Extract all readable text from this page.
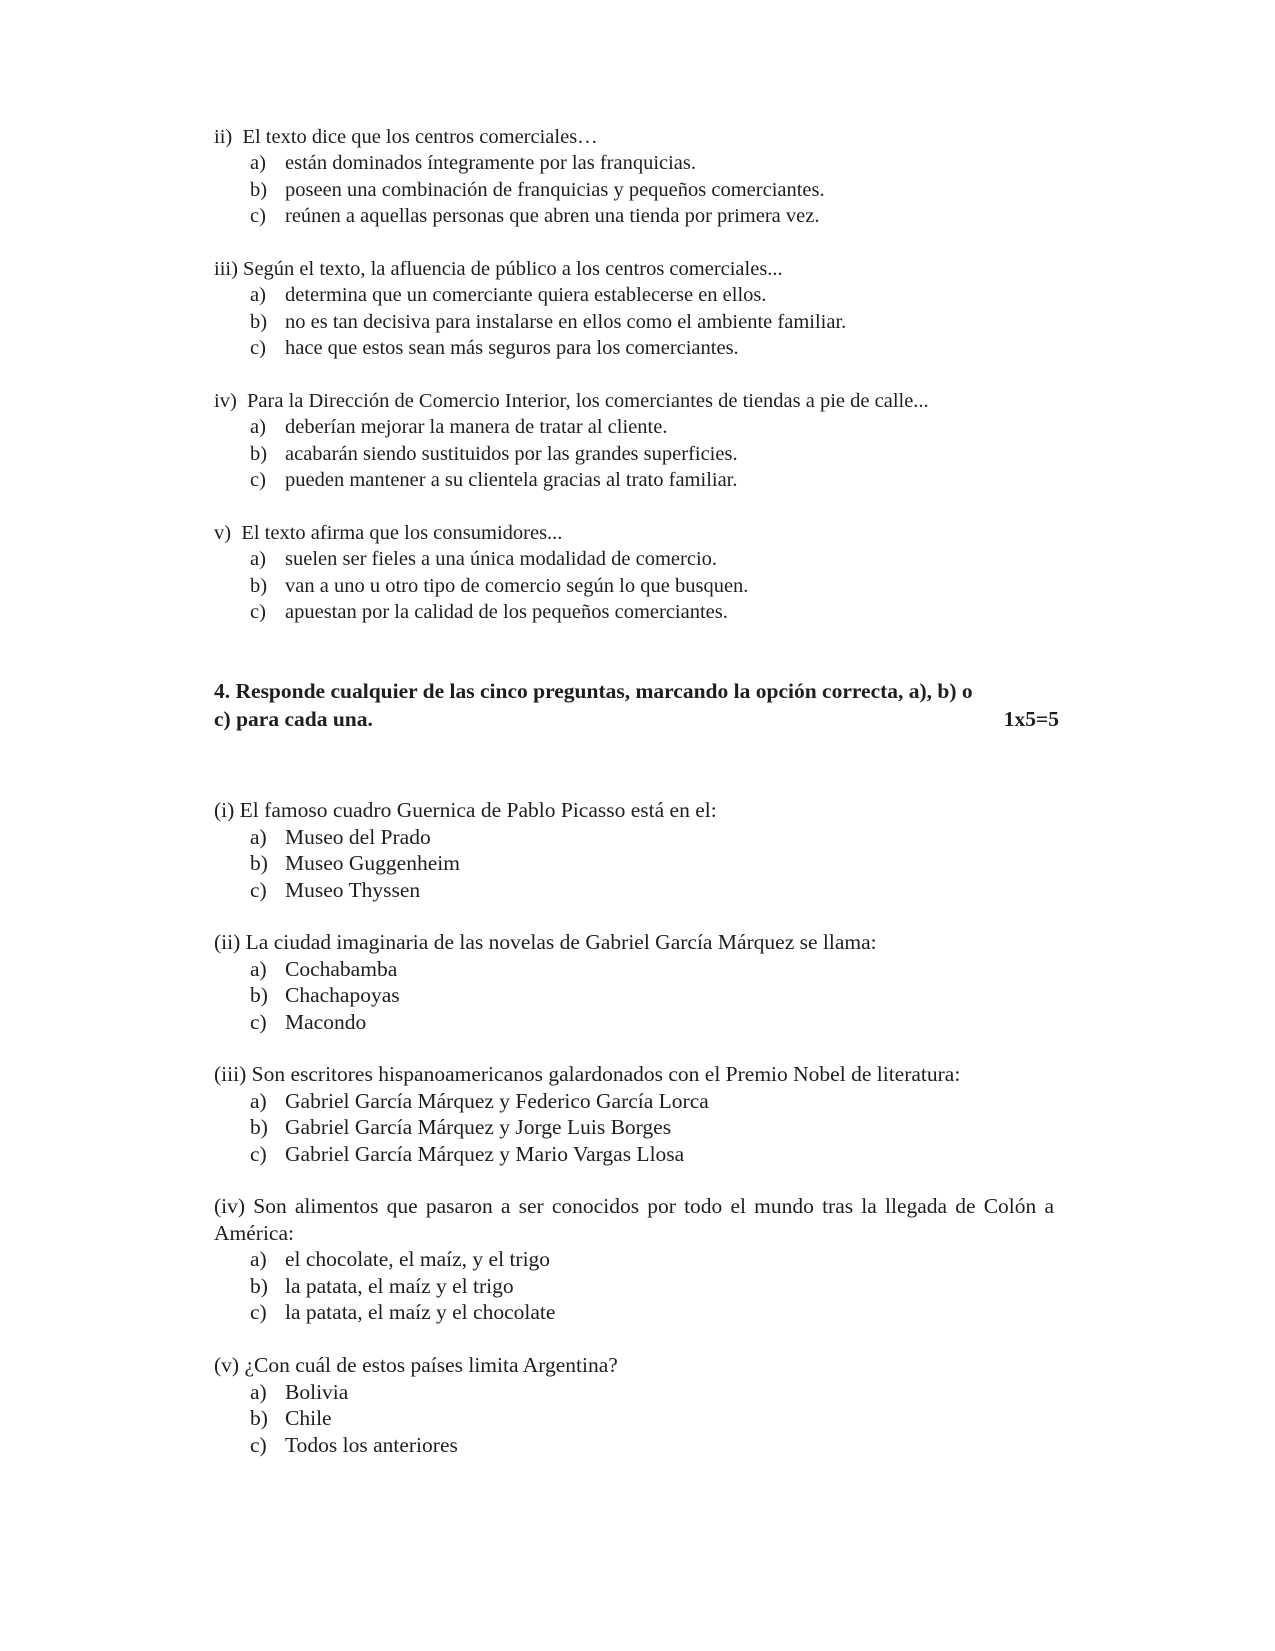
ii) El texto dice que los centros comerciales…

a) están dominados íntegramente por las franquicias.
b) poseen una combinación de franquicias y pequeños comerciantes.
c) reúnen a aquellas personas que abren una tienda por primera vez.

iii) Según el texto, la afluencia de público a los centros comerciales...

a) determina que un comerciante quiera establecerse en ellos.
b) no es tan decisiva para instalarse en ellos como el ambiente familiar.
c) hace que estos sean más seguros para los comerciantes.

iv) Para la Dirección de Comercio Interior, los comerciantes de tiendas a pie de calle...

a) deberían mejorar la manera de tratar al cliente.
b) acabarán siendo sustituidos por las grandes superficies.
c) pueden mantener a su clientela gracias al trato familiar.

v) El texto afirma que los consumidores...

a) suelen ser fieles a una única modalidad de comercio.
b) van a uno u otro tipo de comercio según lo que busquen.
c) apuestan por la calidad de los pequeños comerciantes.
4. Responde cualquier de las cinco preguntas, marcando la opción correcta, a), b) o
c) para cada una.	1x5=5

(i) El famoso cuadro Guernica de Pablo Picasso está en el:

a) Museo del Prado
b) Museo Guggenheim
c) Museo Thyssen

(ii) La ciudad imaginaria de las novelas de Gabriel García Márquez se llama:

a) Cochabamba
b) Chachapoyas
c) Macondo

(iii) Son escritores hispanoamericanos galardonados con el Premio Nobel de literatura:

a) Gabriel García Márquez y Federico García Lorca
b) Gabriel García Márquez y Jorge Luis Borges
c) Gabriel García Márquez y Mario Vargas Llosa

(iv) Son alimentos que pasaron a ser conocidos por todo el mundo tras la llegada de Colón a América:

a) el chocolate, el maíz, y el trigo
b) la patata, el maíz y el trigo
c) la patata, el maíz y el chocolate

(v) ¿Con cuál de estos países limita Argentina?

a) Bolivia
b) Chile
c) Todos los anteriores
